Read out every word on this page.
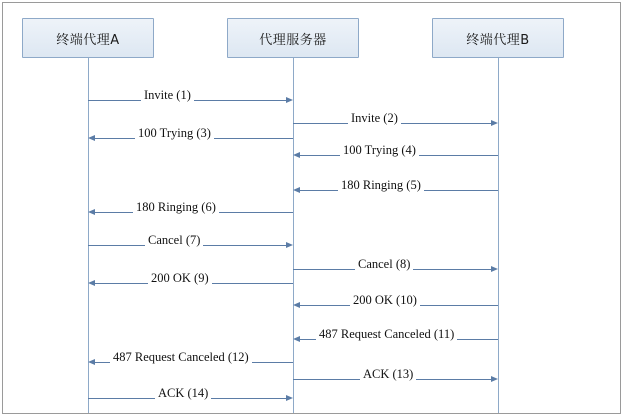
终端代理A	代理服务器	终端代理B
Invite (1)
Invite (2)
100 Trying (3)
100 Trying (4)
180 Ringing (5)
180 Ringing (6)
Cancel (7)
Cancel (8)
200 OK (9)
200 OK (10)
487 Request Canceled (11)
487 Request Canceled (12)
ACK (13)
ACK (14)
